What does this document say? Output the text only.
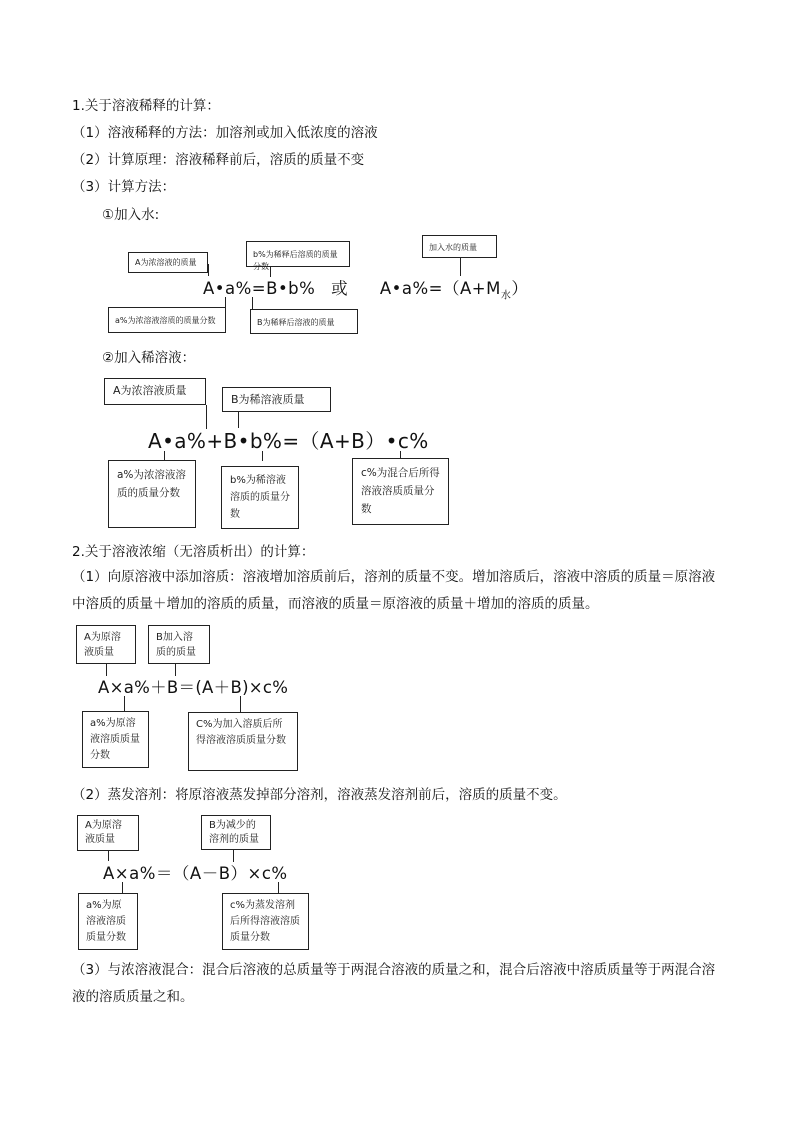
1.关于溶液稀释的计算：
（1）溶液稀释的方法：加溶剂或加入低浓度的溶液
（2）计算原理：溶液稀释前后，溶质的质量不变
（3）计算方法：
①加入水:
A为浓溶液的质量
b%为稀释后溶质的质量分数
加入水的质量
A•a%=B•b% 或 $A•a\%=(A+M_水)$
a%为浓溶液溶质的质量分数	B为稀释后溶液的质量
②加入稀溶液：
A为浓溶液质量
B为稀溶液质量
A•a%+B•b%=（A+B）•c%
a%为浓溶液溶质的质量分数
b%为稀溶液溶质的质量分数
c%为混合后所得溶液溶质质量分数
2.关于溶液浓缩（无溶质析出）的计算：
（1）向原溶液中添加溶质：溶液增加溶质前后，溶剂的质量不变。增加溶质后，溶液中溶质的质量＝原溶液中溶质的质量＋增加的溶质的质量，而溶液的质量＝原溶液的质量＋增加的溶质的质量。
A为原溶液质量
B加入溶质的质量
A×a%＋B＝(A＋B)×c%
a%为原溶液溶质质量分数
C%为加入溶质后所得溶液溶质质量分数
（2）蒸发溶剂：将原溶液蒸发掉部分溶剂，溶液蒸发溶剂前后，溶质的质量不变。
A为原溶液质量
B为减少的溶剂的质量
A×a%＝（A－B）×c%
a%为原溶液溶质质量分数
c%为蒸发溶剂后所得溶液溶质质量分数
（3）与浓溶液混合：混合后溶液的总质量等于两混合溶液的质量之和，混合后溶液中溶质质量等于两混合溶液的溶质质量之和。
